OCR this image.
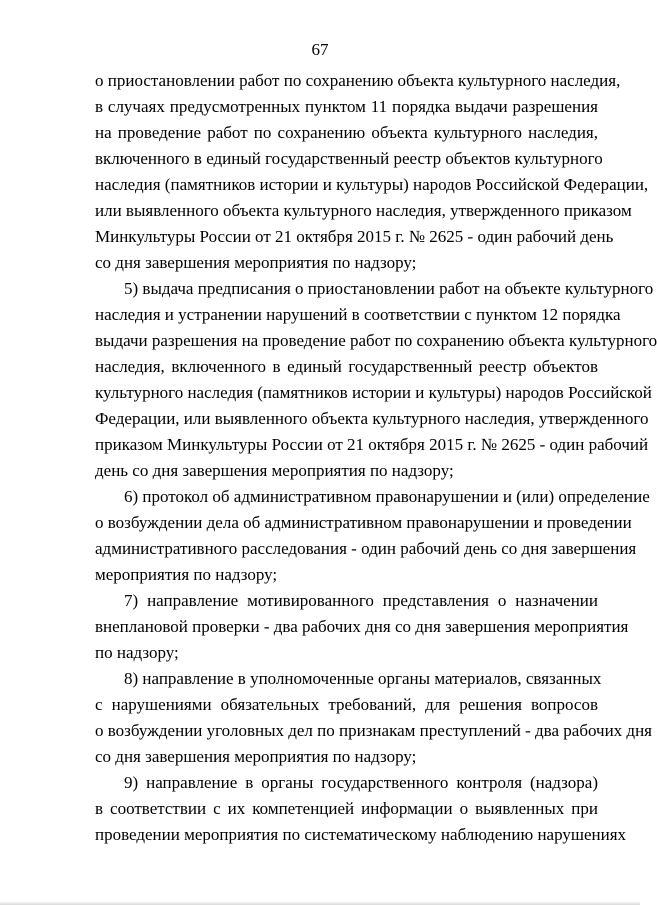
67
о приостановлении работ по сохранению объекта культурного наследия,
в случаях предусмотренных пунктом 11 порядка выдачи разрешения
на проведение работ по сохранению объекта культурного наследия,
включенного в единый государственный реестр объектов культурного
наследия (памятников истории и культуры) народов Российской Федерации,
или выявленного объекта культурного наследия, утвержденного приказом
Минкультуры России от 21 октября 2015 г. № 2625 - один рабочий день
со дня завершения мероприятия по надзору;
5) выдача предписания о приостановлении работ на объекте культурного
наследия и устранении нарушений в соответствии с пунктом 12 порядка
выдачи разрешения на проведение работ по сохранению объекта культурного
наследия, включенного в единый государственный реестр объектов
культурного наследия (памятников истории и культуры) народов Российской
Федерации, или выявленного объекта культурного наследия, утвержденного
приказом Минкультуры России от 21 октября 2015 г. № 2625 - один рабочий
день со дня завершения мероприятия по надзору;
6) протокол об административном правонарушении и (или) определение
о возбуждении дела об административном правонарушении и проведении
административного расследования - один рабочий день со дня завершения
мероприятия по надзору;
7) направление мотивированного представления о назначении
внеплановой проверки - два рабочих дня со дня завершения мероприятия
по надзору;
8) направление в уполномоченные органы материалов, связанных
с нарушениями обязательных требований, для решения вопросов
о возбуждении уголовных дел по признакам преступлений - два рабочих дня
со дня завершения мероприятия по надзору;
9) направление в органы государственного контроля (надзора)
в соответствии с их компетенцией информации о выявленных при
проведении мероприятия по систематическому наблюдению нарушениях
